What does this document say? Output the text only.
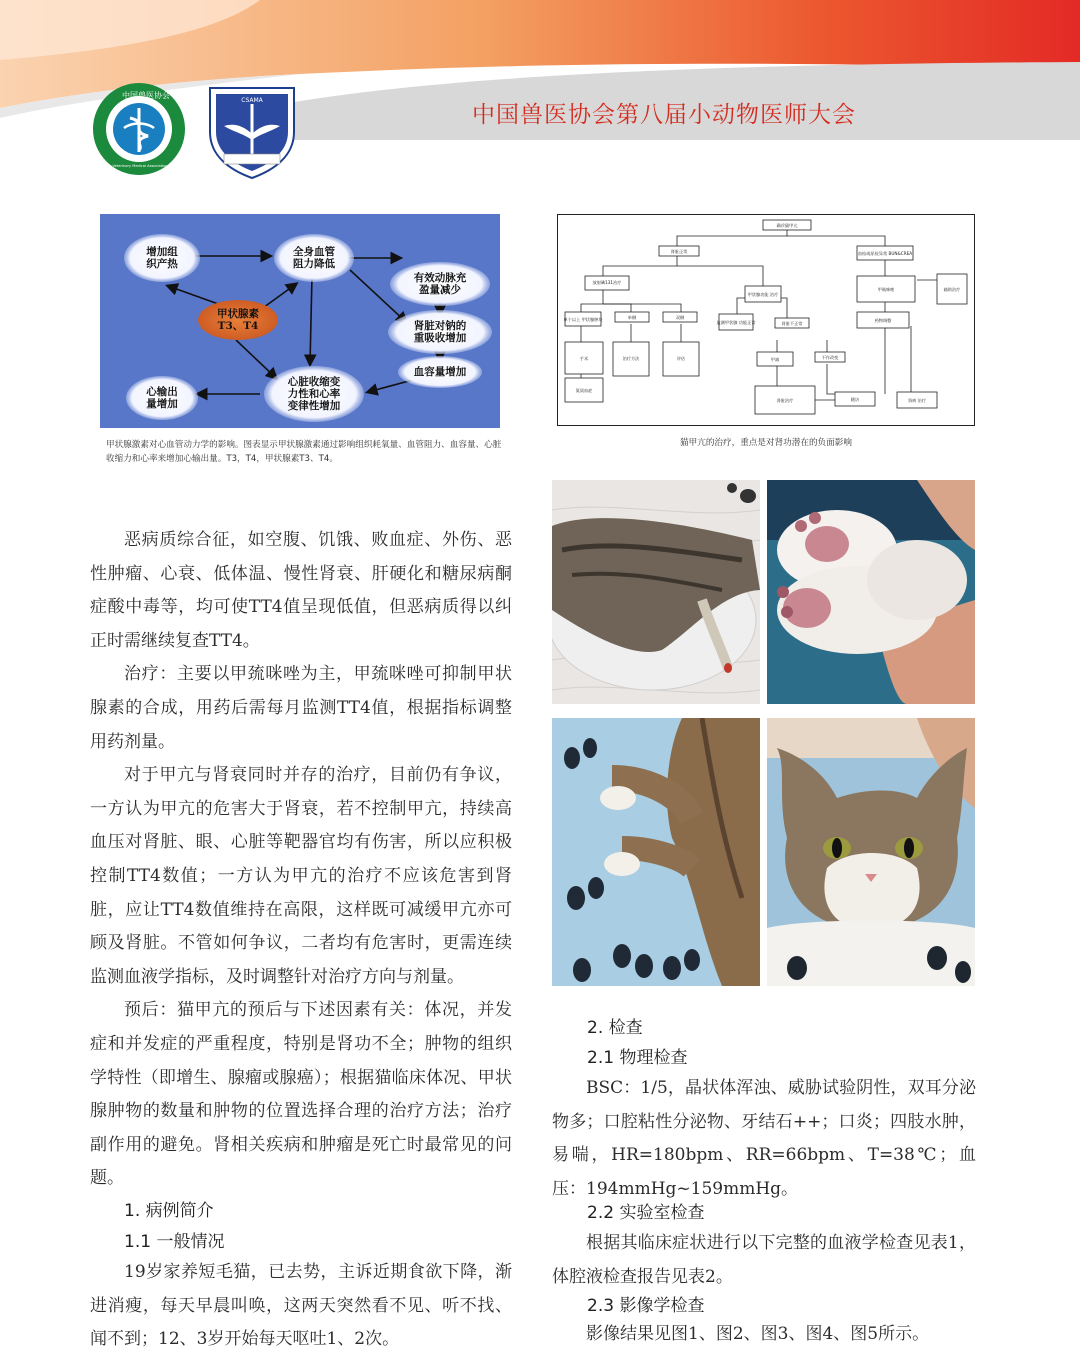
中国兽医协会
Chinese Veterinary Medical Association
CSAMA
中国兽医协会第八届小动物医师大会
增加组
织产热
全身血管
阻力降低
有效动脉充
盈量减少
甲状腺素
T3、T4	肾脏对钠的
重吸收增加
血容量增加
心输出
量增加
心脏收缩变
力性和心率
变律性增加
甲状腺激素对心血管动力学的影响。图表显示甲状腺激素通过影响组织耗氧量、血管阻力、血容量、心脏收缩力和心率来增加心输出量。T3，T4，甲状腺素T3、T4。
确诊猫甲亢
肾脏正常	血检或尿检异常 BUN&CREA
放射碘131治疗
甲状腺功能 治疗
甲巯咪唑	辅助治疗
单个以上 甲状腺肿块	单侧	双侧
监测甲状腺 功能正常	肾脏不正常
药物调整
手术	治疗方法	评估	甲减	不作改变
氮质血症
肾脏治疗	随访	肾病 治疗
猫甲亢的治疗，重点是对肾功潜在的负面影响

恶病质综合征，如空腹、饥饿、败血症、外伤、恶性肿瘤、心衰、低体温、慢性肾衰、肝硬化和糖尿病酮症酸中毒等，均可使TT4值呈现低值，但恶病质得以纠正时需继续复查TT4。

治疗：主要以甲巯咪唑为主，甲巯咪唑可抑制甲状腺素的合成，用药后需每月监测TT4值，根据指标调整用药剂量。

对于甲亢与肾衰同时并存的治疗，目前仍有争议，一方认为甲亢的危害大于肾衰，若不控制甲亢，持续高血压对肾脏、眼、心脏等靶器官均有伤害，所以应积极控制TT4数值；一方认为甲亢的治疗不应该危害到肾脏，应让TT4数值维持在高限，这样既可减缓甲亢亦可顾及肾脏。不管如何争议，二者均有危害时，更需连续监测血液学指标，及时调整针对治疗方向与剂量。

预后：猫甲亢的预后与下述因素有关：体况，并发症和并发症的严重程度，特别是肾功不全；肿物的组织学特性（即增生、腺瘤或腺癌）；根据猫临床体况、甲状腺肿物的数量和肿物的位置选择合理的治疗方法；治疗副作用的避免。肾相关疾病和肿瘤是死亡时最常见的问题。

1. 病例简介
1.1 一般情况

19岁家养短毛猫，已去势，主诉近期食欲下降，渐进消瘦，每天早晨叫唤，这两天突然看不见、听不找、闻不到；12、3岁开始每天呕吐1、2次。

2. 检查
2.1 物理检查

BSC：1/5，晶状体浑浊、威胁试验阴性，双耳分泌物多；口腔粘性分泌物、牙结石++；口炎；四肢水肿，易喘，HR=180bpm、RR=66bpm、T=38℃；血压：194mmHg~159mmHg。

2.2 实验室检查

根据其临床症状进行以下完整的血液学检查见表1，体腔液检查报告见表2。

2.3 影像学检查

影像结果见图1、图2、图3、图4、图5所示。
